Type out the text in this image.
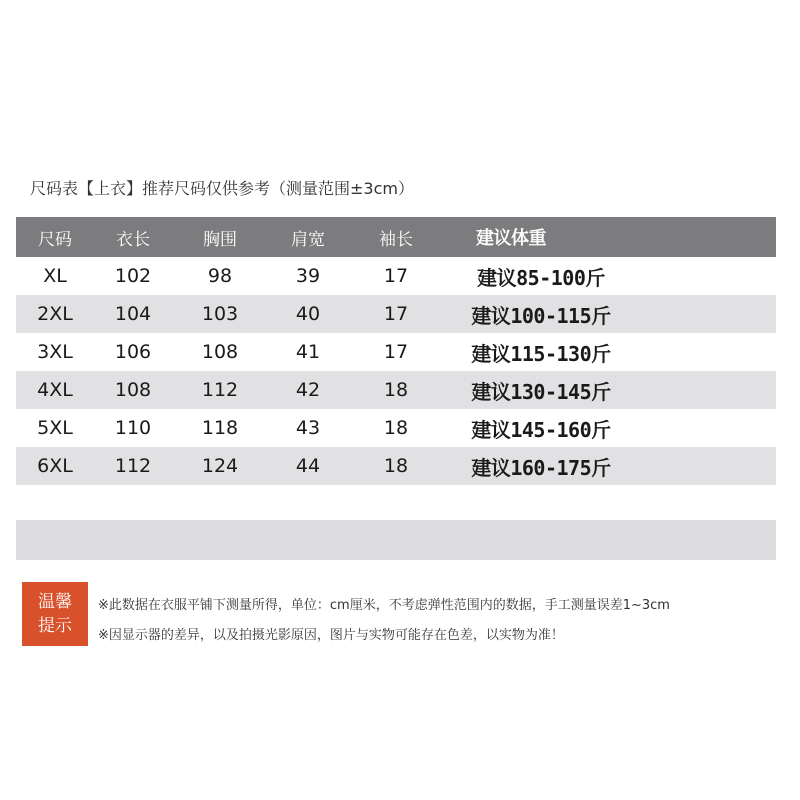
尺码表【上衣】推荐尺码仅供参考（测量范围±3cm）
尺码	衣长	胸围	肩宽	袖长	建议体重
XL	102	98	39	17	建议85-100斤
2XL	104	103	40	17	建议100-115斤
3XL	106	108	41	17	建议115-130斤
4XL	108	112	42	18	建议130-145斤
5XL	110	118	43	18	建议145-160斤
6XL	112	124	44	18	建议160-175斤
温馨
提示
※此数据在衣服平铺下测量所得，单位：cm厘米，不考虑弹性范围内的数据，手工测量误差1~3cm
※因显示器的差异，以及拍摄光影原因，图片与实物可能存在色差，以实物为准！
